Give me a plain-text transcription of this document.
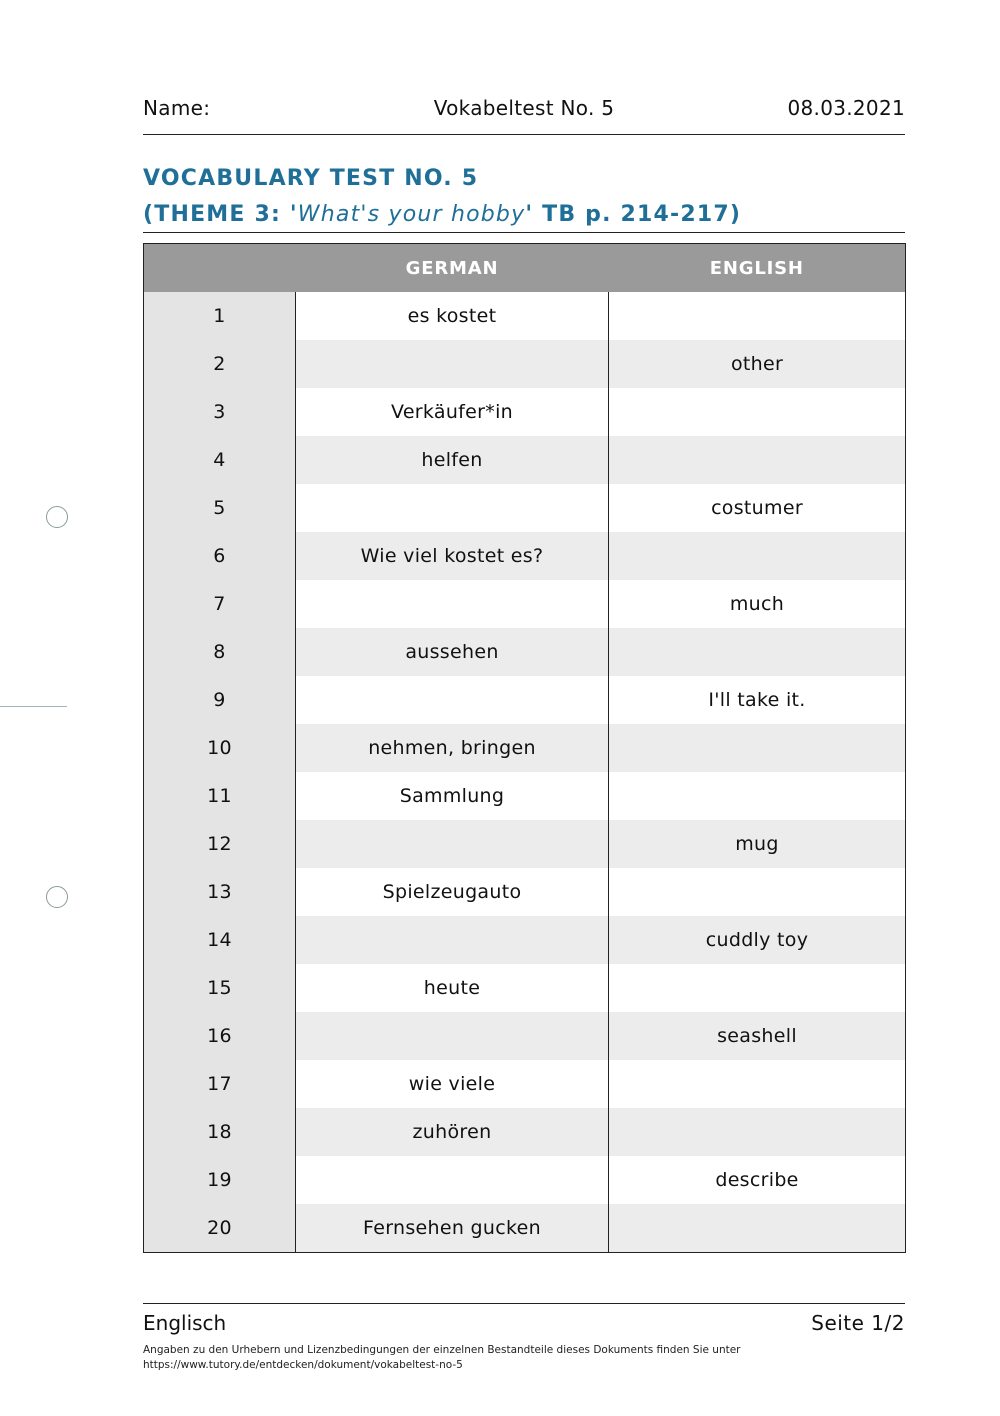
Vokabeltest No. 5
Name:	08.03.2021
VOCABULARY TEST NO. 5
(THEME 3: 'What's your hobby' TB p. 214-217)
	GERMAN	ENGLISH
1	es kostet	
2		other
3	Verkäufer*in	
4	helfen	
5		costumer
6	Wie viel kostet es?	
7		much
8	aussehen	
9		I'll take it.
10	nehmen, bringen	
11	Sammlung	
12		mug
13	Spielzeugauto	
14		cuddly toy
15	heute	
16		seashell
17	wie viele	
18	zuhören	
19		describe
20	Fernsehen gucken	
Englisch	Seite 1/2
Angaben zu den Urhebern und Lizenzbedingungen der einzelnen Bestandteile dieses Dokuments finden Sie unter
https://www.tutory.de/entdecken/dokument/vokabeltest-no-5
